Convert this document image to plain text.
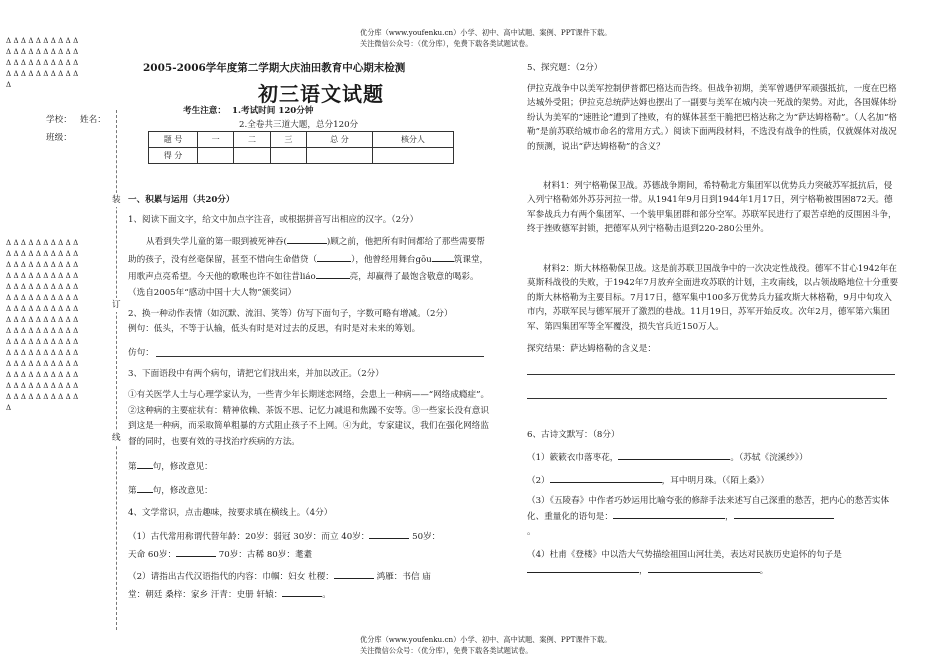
优分库（www.youfenku.cn）小学、初中、高中试题、案例、PPT课件下载。
关注微信公众号：（优分库），免费下载各类试题试卷。
优分库（www.youfenku.cn）小学、初中、高中试题、案例、PPT课件下载。
关注微信公众号：（优分库），免费下载各类试题试卷。
ΔΔΔΔΔΔΔΔΔΔΔΔΔΔΔΔΔΔΔΔΔΔΔΔΔΔΔΔΔΔΔΔΔΔΔΔΔΔΔΔΔ
ΔΔΔΔΔΔΔΔΔΔΔΔΔΔΔΔΔΔΔΔΔΔΔΔΔΔΔΔΔΔΔΔΔΔΔΔΔΔΔΔΔΔΔΔΔΔΔΔΔΔΔΔΔΔΔΔΔΔΔΔΔΔΔΔΔΔΔΔΔΔΔΔΔΔΔΔΔΔΔΔΔΔΔΔΔΔΔΔΔΔΔΔΔΔΔΔΔΔΔΔΔΔΔΔΔΔΔΔΔΔΔΔΔΔΔΔΔΔΔΔΔΔΔΔΔΔΔΔΔΔΔΔΔΔΔΔΔΔΔΔΔΔΔΔΔΔΔΔΔΔΔ
学校： 姓名：
班级：
装
订
线
2005-2006学年度第二学期大庆油田教育中心期末检测
初三语文试题
考生注意： 1.考试时间 120分钟
2.全卷共三道大题，总分120分
题 号	一	二	三	总 分	核分人
得 分					
一、积累与运用（共20分）
1、阅读下面文字，给文中加点字注音，或根据拼音写出相应的汉字。（2分）
从看到失学儿童的第一眼到被死神吞(	)顾之前，他把所有时间都给了那些需要帮助的孩子，没有丝毫保留，甚至不惜向生命借贷（	），他曾经用舞台gōu	筑课堂，用歌声点亮希望。今天他的歌喉也许不如往昔liáo	亮，却赢得了最饱含敬意的喝彩。（选自2005年“感动中国十大人物”颁奖词）
2、换一种动作表情（如沉默、流泪、笑等）仿写下面句子，字数可略有增减。（2分）
例句：低头，不等于认输，低头有时是对过去的反思，有时是对未来的筹划。
仿句：
3、下面语段中有两个病句，请把它们找出来，并加以改正。（2分）
①有关医学人士与心理学家认为，一些青少年长期迷恋网络，会患上一种病——“网络成瘾症”。②这种病的主要症状有：精神依赖、茶饭不思、记忆力减退和焦躁不安等。③一些家长没有意识到这是一种病，而采取简单粗暴的方式阻止孩子不上网。④为此，专家建议，我们在强化网络监督的同时，也要有效的寻找治疗疾病的方法。
第 句，修改意见：
第 句，修改意见：
4、文学常识，点击趣味，按要求填在横线上。（4分）
（1）古代常用称谓代替年龄：20岁：弱冠 30岁：而立 40岁：	50岁：
天命 60岁：	70岁：古稀 80岁：耄耋
（2）请指出古代汉语指代的内容：巾帼：妇女 杜稷：	鸿雁：书信 庙
堂：朝廷 桑梓：家乡 汗青：史册 轩辕：	。
5、探究题：（2分）
伊拉克战争中以美军控制伊普都巴格达而告终。但战争初期，美军曾遇伊军顽强抵抗，一度在巴格达城外受阻；伊拉克总统萨达姆也摆出了一副要与美军在城内决一死战的架势。对此，各国媒体纷纷认为美军的“速胜论”遭到了挫败，有的媒体甚至干脆把巴格达称之为“萨达姆格勒”。（人名加“格勒”是前苏联给城市命名的常用方式。）阅读下面两段材料，不选没有战争的性质，仅就媒体对战况的预测，说出“萨达姆格勒”的含义？
材料1：列宁格勒保卫战。苏德战争期间，希特勒北方集团军以优势兵力突破苏军抵抗后，侵入列宁格勒郊外苏芬河拉一带。从1941年9月日到1944年1月17日，列宁格勒被围困872天。德军参战兵力有两个集团军、一个装甲集团群和部分空军。苏联军民进行了艰苦卓绝的反围困斗争，终于挫败德军封锁，把德军从列宁格勒击退到220-280公里外。
材料2：斯大林格勒保卫战。这是前苏联卫国战争中的一次决定性战役。德军不甘心1942年在莫斯科战役的失败，于1942年7月放弃全面进攻苏联的计划，主攻南线，以占领战略地位十分重要的斯大林格勒为主要目标。7月17日，德军集中100多万优势兵力猛攻斯大林格勒，9月中旬攻入市内，苏联军民与德军展开了激烈的巷战。11月19日，苏军开始反攻。次年2月，德军第六集团军、第四集团军等全军覆没，损失官兵近150万人。
探究结果：萨达姆格勒的含义是：
6、古诗文默写：（8分）
（1）簌簌衣巾落枣花，	。（苏轼《浣溪纱》）
（2）	，耳中明月珠。（《陌上桑》）
（3）《五陵春》中作者巧妙运用比喻夸张的修辞手法来述写自己深重的愁苦，把内心的愁苦实体化、重量化的语句是：	，
。
（4）杜甫《登楼》中以浩大气势描绘祖国山河壮美，表达对民族历史追怀的句子是
，	。
